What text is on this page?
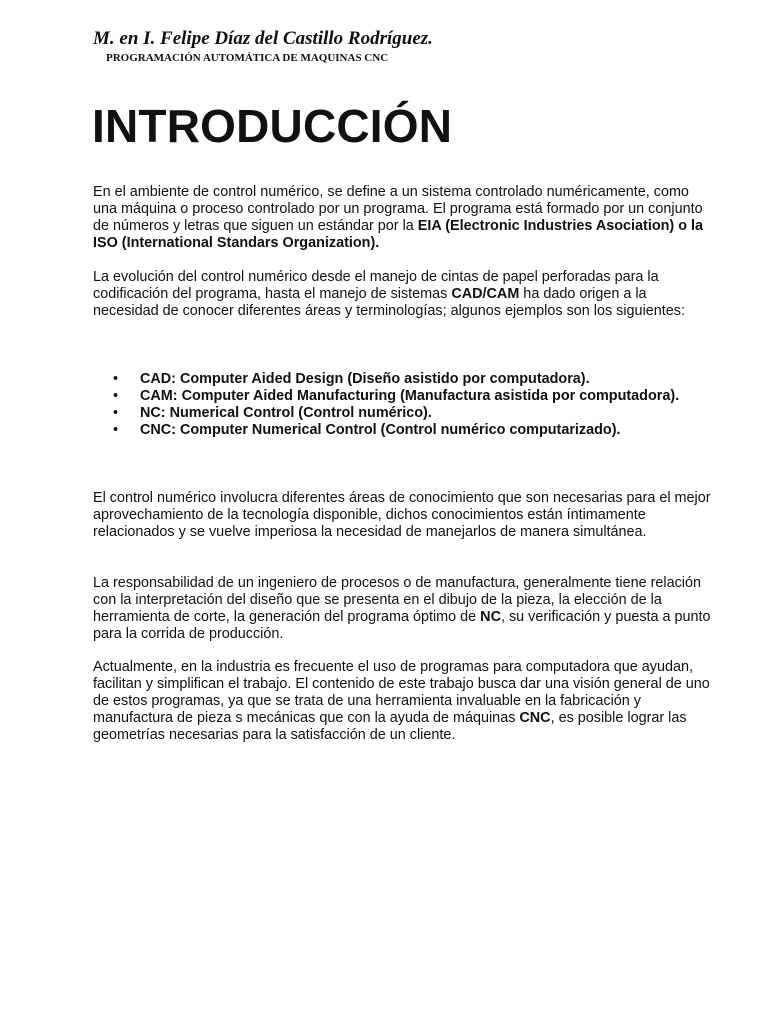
M. en I. Felipe Díaz del Castillo Rodríguez.
PROGRAMACIÓN AUTOMÁTICA DE MAQUINAS CNC
INTRODUCCIÓN

En el ambiente de control numérico, se define a un sistema controlado numéricamente, como una máquina o proceso controlado por un programa. El programa está formado por un conjunto de números y letras que siguen un estándar por la EIA (Electronic Industries Asociation) o la ISO (International Standars Organization).

La evolución del control numérico desde el manejo de cintas de papel perforadas para la codificación del programa, hasta el manejo de sistemas CAD/CAM ha dado origen a la necesidad de conocer diferentes áreas y terminologías; algunos ejemplos son los siguientes:

• CAD: Computer Aided Design (Diseño asistido por computadora).
• CAM: Computer Aided Manufacturing (Manufactura asistida por computadora).
• NC: Numerical Control (Control numérico).
• CNC: Computer Numerical Control (Control numérico computarizado).

El control numérico involucra diferentes áreas de conocimiento que son necesarias para el mejor aprovechamiento de la tecnología disponible, dichos conocimientos están íntimamente relacionados y se vuelve imperiosa la necesidad de manejarlos de manera simultánea.

La responsabilidad de un ingeniero de procesos o de manufactura, generalmente tiene relación con la interpretación del diseño que se presenta en el dibujo de la pieza, la elección de la herramienta de corte, la generación del programa óptimo de NC, su verificación y puesta a punto para la corrida de producción.

Actualmente, en la industria es frecuente el uso de programas para computadora que ayudan, facilitan y simplifican el trabajo. El contenido de este trabajo busca dar una visión general de uno de estos programas, ya que se trata de una herramienta invaluable en la fabricación y manufactura de pieza s mecánicas que con la ayuda de máquinas CNC, es posible lograr las geometrías necesarias para la satisfacción de un cliente.
